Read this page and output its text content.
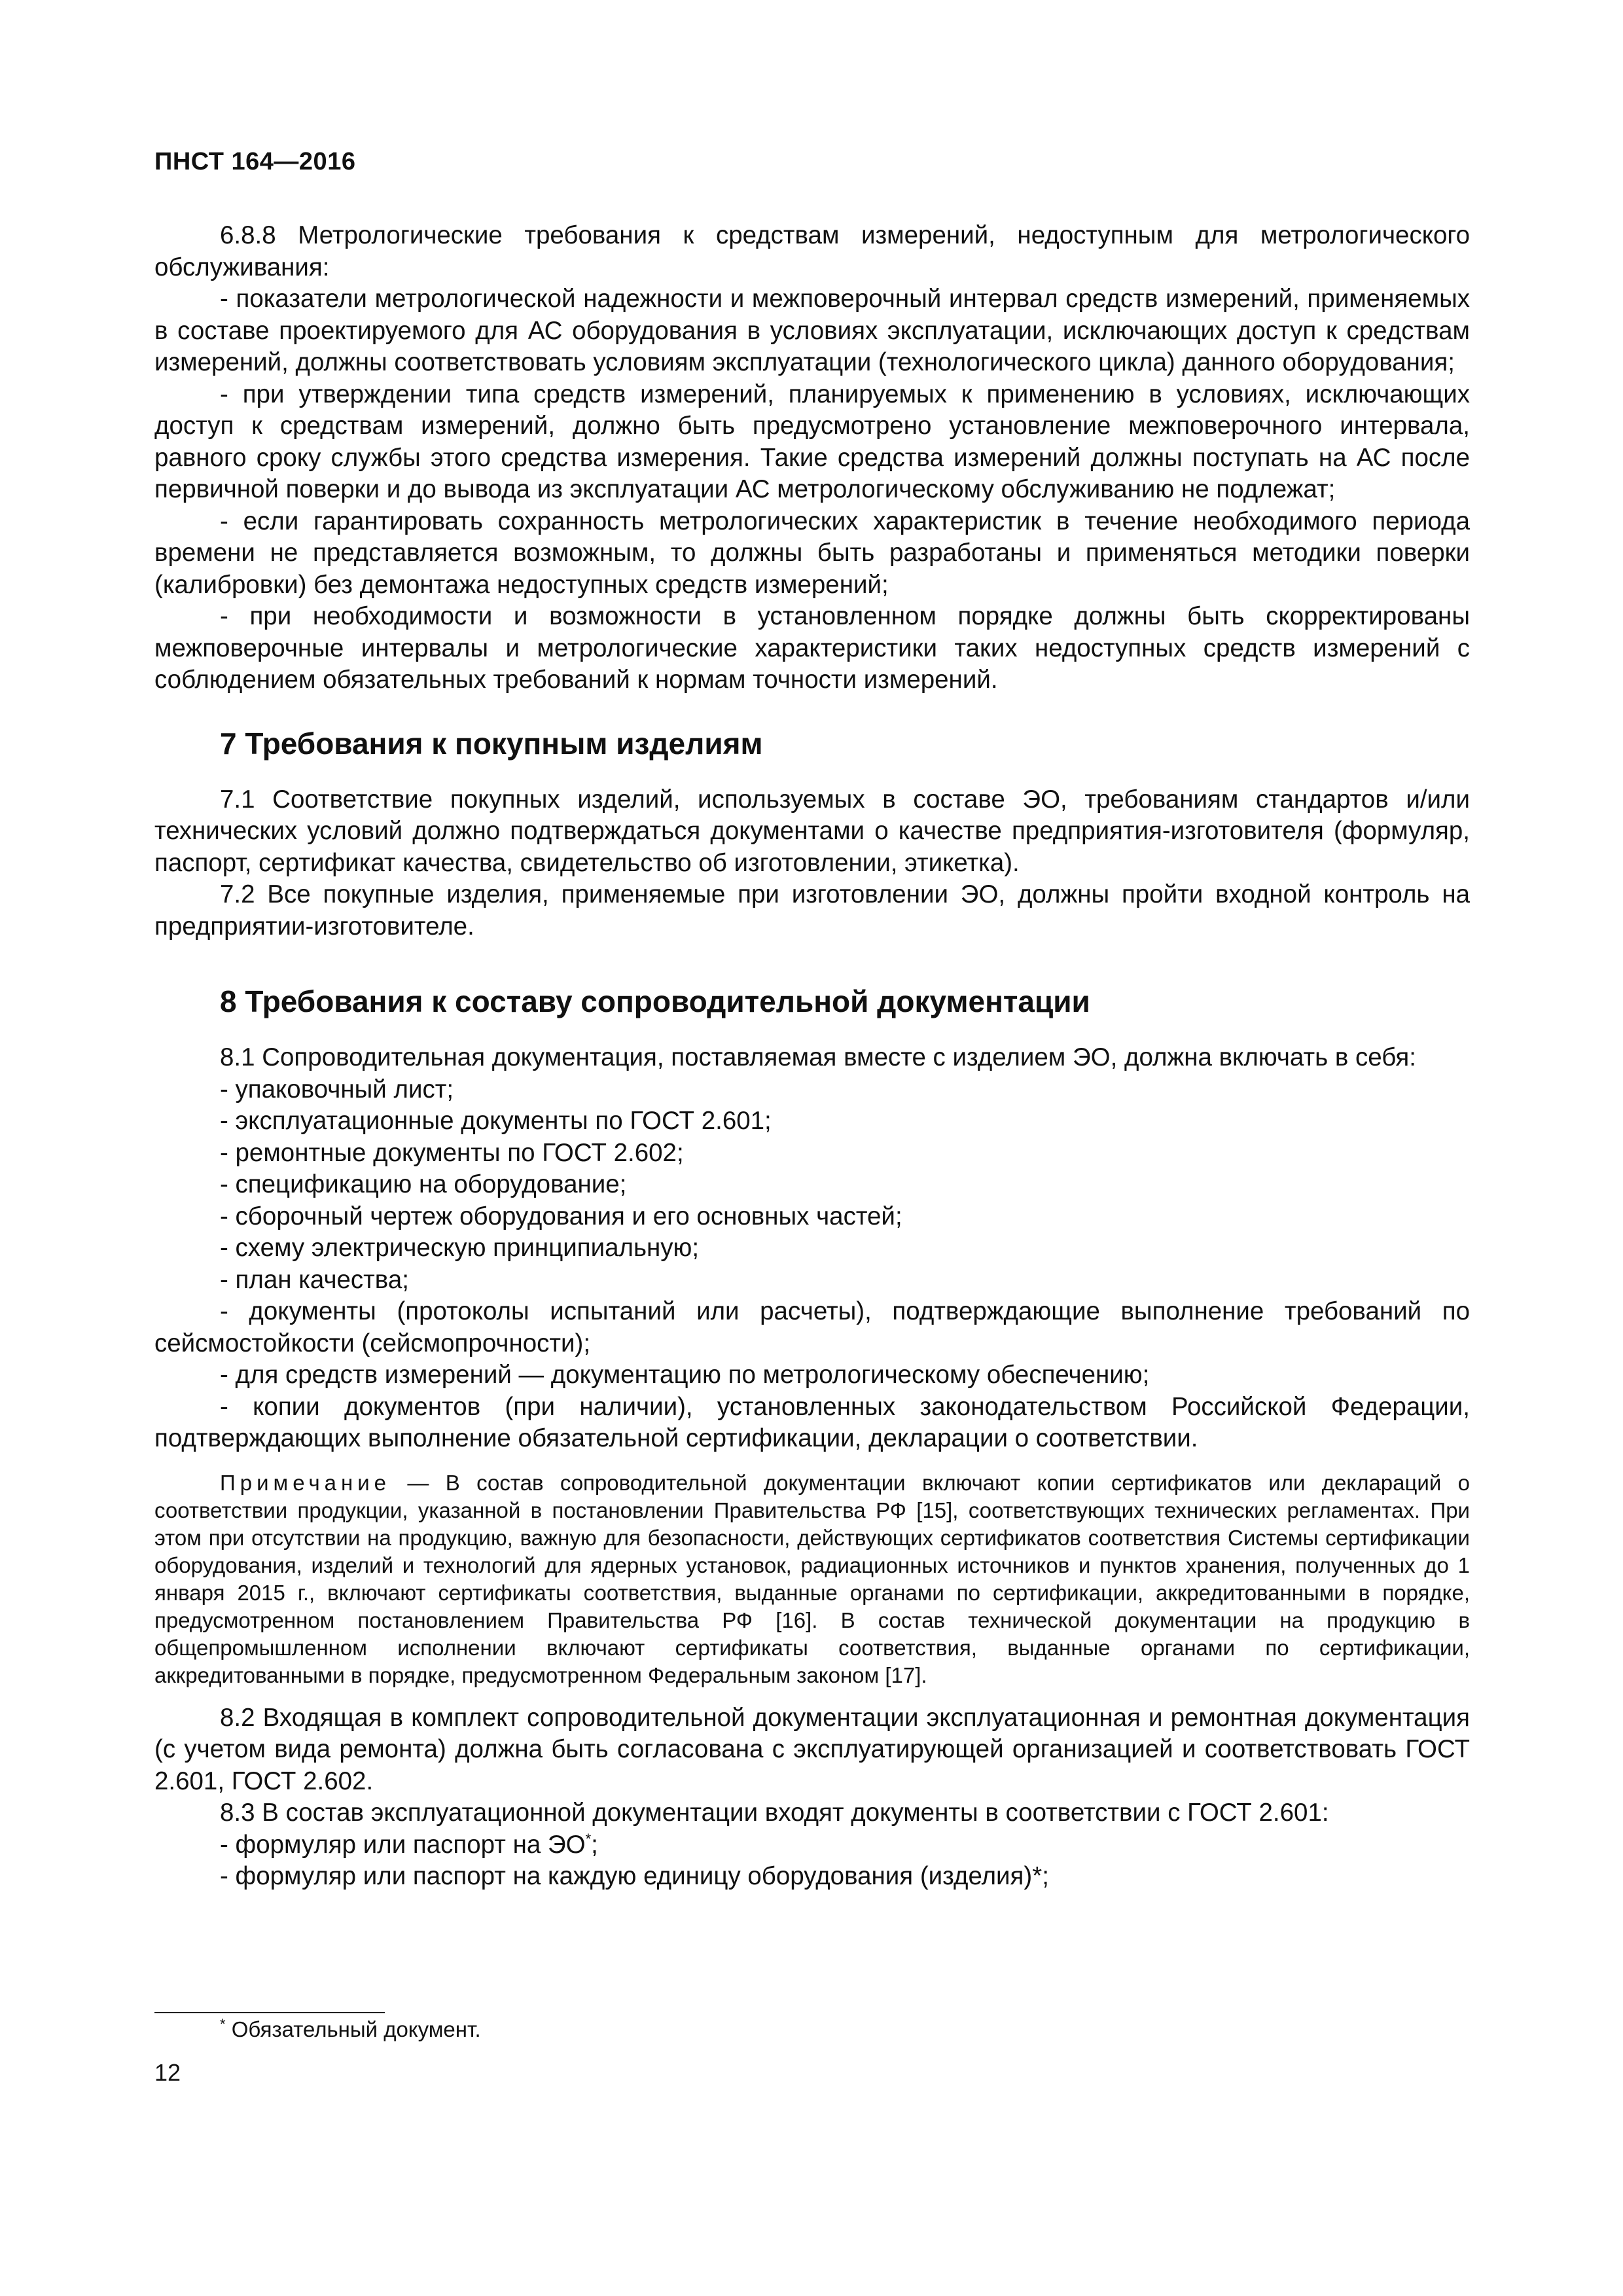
ПНСТ 164—2016

6.8.8 Метрологические требования к средствам измерений, недоступным для метрологического обслуживания:

- показатели метрологической надежности и межповерочный интервал средств измерений, применяемых в составе проектируемого для АС оборудования в условиях эксплуатации, исключающих доступ к средствам измерений, должны соответствовать условиям эксплуатации (технологического цикла) данного оборудования;

- при утверждении типа средств измерений, планируемых к применению в условиях, исключающих доступ к средствам измерений, должно быть предусмотрено установление межповерочного интервала, равного сроку службы этого средства измерения. Такие средства измерений должны поступать на АС после первичной поверки и до вывода из эксплуатации АС метрологическому обслуживанию не подлежат;

- если гарантировать сохранность метрологических характеристик в течение необходимого периода времени не представляется возможным, то должны быть разработаны и применяться методики поверки (калибровки) без демонтажа недоступных средств измерений;

- при необходимости и возможности в установленном порядке должны быть скорректированы межповерочные интервалы и метрологические характеристики таких недоступных средств измерений с соблюдением обязательных требований к нормам точности измерений.

7 Требования к покупным изделиям

7.1 Соответствие покупных изделий, используемых в составе ЭО, требованиям стандартов и/или технических условий должно подтверждаться документами о качестве предприятия-изготовителя (формуляр, паспорт, сертификат качества, свидетельство об изготовлении, этикетка).

7.2 Все покупные изделия, применяемые при изготовлении ЭО, должны пройти входной контроль на предприятии-изготовителе.

8 Требования к составу сопроводительной документации

8.1 Сопроводительная документация, поставляемая вместе с изделием ЭО, должна включать в себя:

- упаковочный лист;

- эксплуатационные документы по ГОСТ 2.601;

- ремонтные документы по ГОСТ 2.602;

- спецификацию на оборудование;

- сборочный чертеж оборудования и его основных частей;

- схему электрическую принципиальную;

- план качества;

- документы (протоколы испытаний или расчеты), подтверждающие выполнение требований по сейсмостойкости (сейсмопрочности);

- для средств измерений — документацию по метрологическому обеспечению;

- копии документов (при наличии), установленных законодательством Российской Федерации, подтверждающих выполнение обязательной сертификации, декларации о соответствии.

Примечание — В состав сопроводительной документации включают копии сертификатов или деклараций о соответствии продукции, указанной в постановлении Правительства РФ [15], соответствующих технических регламентах. При этом при отсутствии на продукцию, важную для безопасности, действующих сертификатов соответствия Системы сертификации оборудования, изделий и технологий для ядерных установок, радиационных источников и пунктов хранения, полученных до 1 января 2015 г., включают сертификаты соответствия, выданные органами по сертификации, аккредитованными в порядке, предусмотренном постановлением Правительства РФ [16]. В состав технической документации на продукцию в общепромышленном исполнении включают сертификаты соответствия, выданные органами по сертификации, аккредитованными в порядке, предусмотренном Федеральным законом [17].

8.2 Входящая в комплект сопроводительной документации эксплуатационная и ремонтная документация (с учетом вида ремонта) должна быть согласована с эксплуатирующей организацией и соответствовать ГОСТ 2.601, ГОСТ 2.602.

8.3 В состав эксплуатационной документации входят документы в соответствии с ГОСТ 2.601:

- формуляр или паспорт на ЭО*;

- формуляр или паспорт на каждую единицу оборудования (изделия)*;

* Обязательный документ.
12
